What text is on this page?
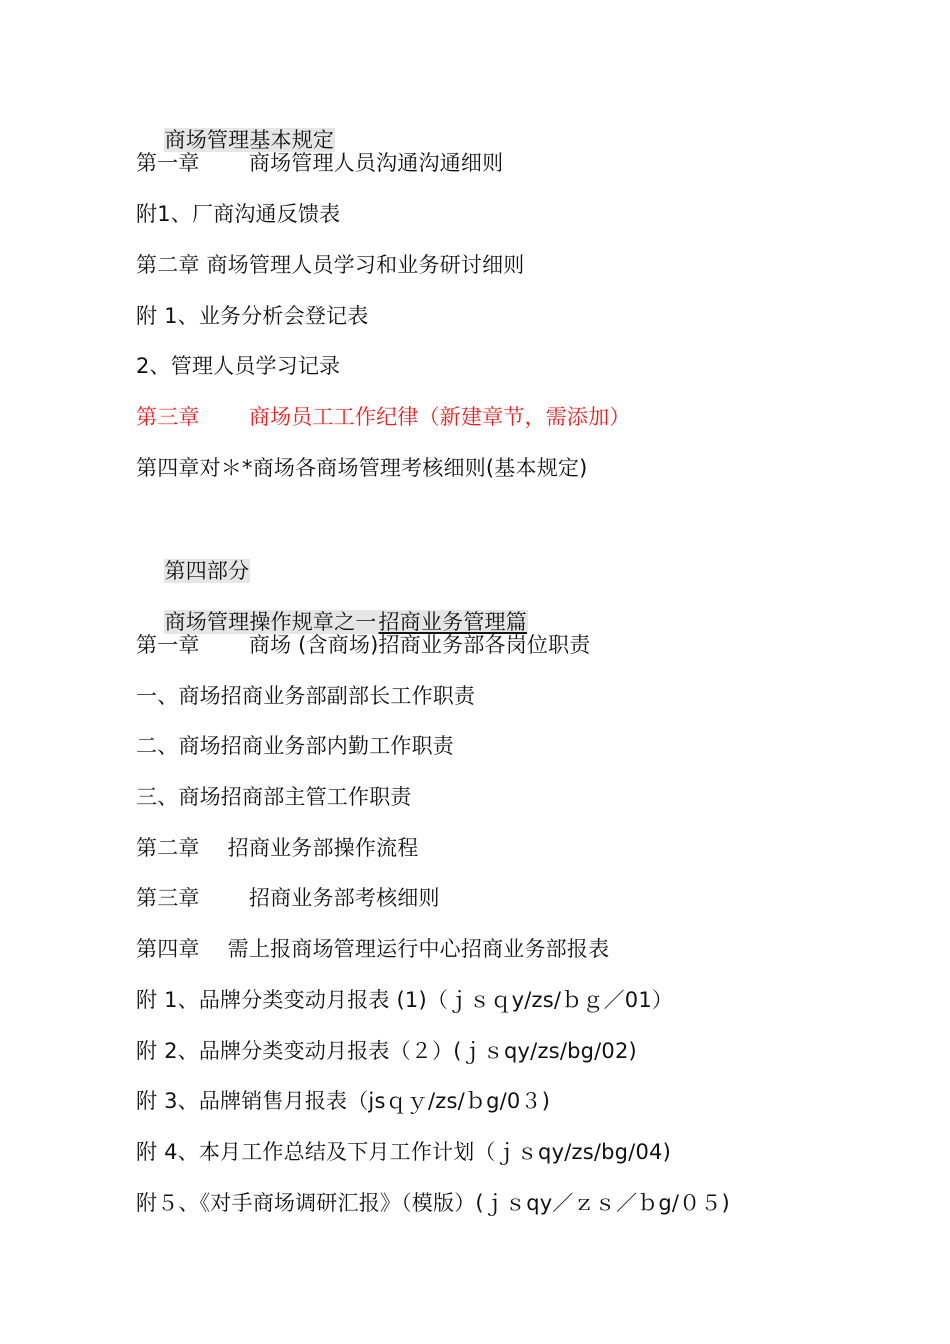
商场管理基本规定

第一章　　 商场管理人员沟通沟通细则
附1、厂商沟通反馈表
第二章 商场管理人员学习和业务研讨细则
附 1、业务分析会登记表
2、管理人员学习记录
第三章　 　商场员工工作纪律（新建章节，需添加）
第四章对＊*商场各商场管理考核细则(基本规定)

第四部分

商场管理操作规章之一招商业务管理篇

第一章　 　商场 (含商场)招商业务部各岗位职责
一、商场招商业务部副部长工作职责
二、商场招商业务部内勤工作职责
三、商场招商部主管工作职责
第二章　 招商业务部操作流程
第三章　 　招商业务部考核细则
第四章　 需上报商场管理运行中心招商业务部报表
附 1、品牌分类变动月报表 (1)（ｊｓｑy/zs/ｂｇ／01）
附 2、品牌分类变动月报表（２）(ｊｓqy/zs/bg/02)
附 3、品牌销售月报表（jsｑｙ/zs/ｂg/0３)
附 4、本月工作总结及下月工作计划（ｊｓqy/zs/bg/04)
附５、《对手商场调研汇报》（模版）(ｊｓqy／ｚｓ／ｂg/０５)
